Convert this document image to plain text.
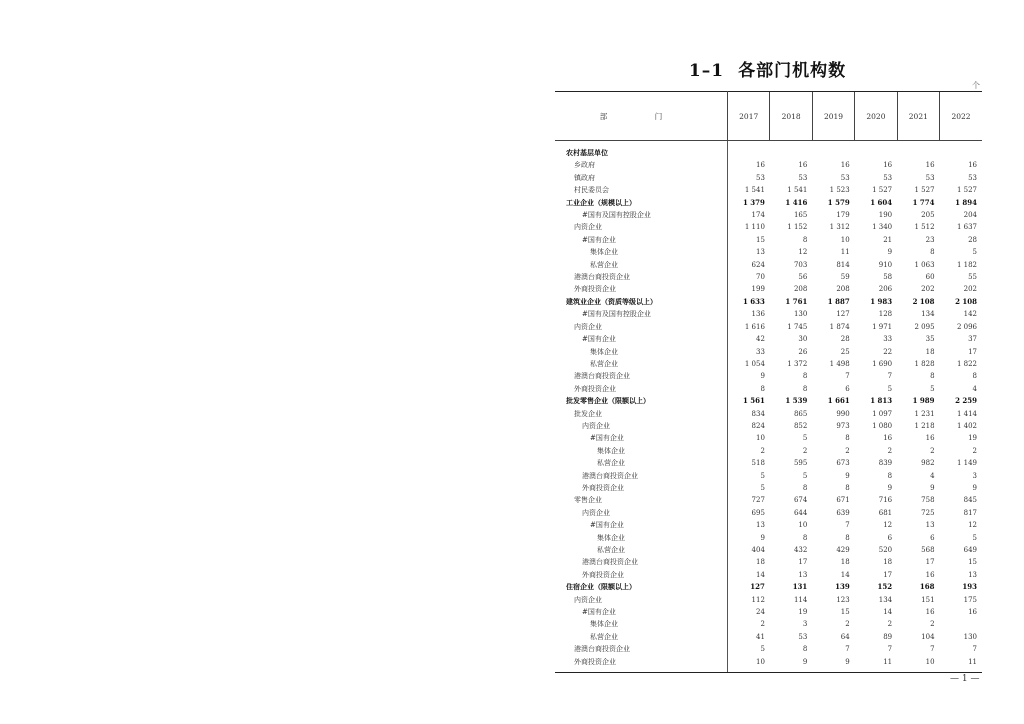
1–1 各部门机构数
个
部　门	2017	2018	2019	2020	2021	2022
农村基层单位						
乡政府	16	16	16	16	16	16
镇政府	53	53	53	53	53	53
村民委员会	1 541	1 541	1 523	1 527	1 527	1 527
工业企业（规模以上）	1 379	1 416	1 579	1 604	1 774	1 894
#国有及国有控股企业	174	165	179	190	205	204
内资企业	1 110	1 152	1 312	1 340	1 512	1 637
#国有企业	15	8	10	21	23	28
集体企业	13	12	11	9	8	5
私营企业	624	703	814	910	1 063	1 182
港澳台商投资企业	70	56	59	58	60	55
外商投资企业	199	208	208	206	202	202
建筑业企业（资质等级以上）	1 633	1 761	1 887	1 983	2 108	2 108
#国有及国有控股企业	136	130	127	128	134	142
内资企业	1 616	1 745	1 874	1 971	2 095	2 096
#国有企业	42	30	28	33	35	37
集体企业	33	26	25	22	18	17
私营企业	1 054	1 372	1 498	1 690	1 828	1 822
港澳台商投资企业	9	8	7	7	8	8
外商投资企业	8	8	6	5	5	4
批发零售企业（限额以上）	1 561	1 539	1 661	1 813	1 989	2 259
批发企业	834	865	990	1 097	1 231	1 414
内资企业	824	852	973	1 080	1 218	1 402
#国有企业	10	5	8	16	16	19
集体企业	2	2	2	2	2	2
私营企业	518	595	673	839	982	1 149
港澳台商投资企业	5	5	9	8	4	3
外商投资企业	5	8	8	9	9	9
零售企业	727	674	671	716	758	845
内资企业	695	644	639	681	725	817
#国有企业	13	10	7	12	13	12
集体企业	9	8	8	6	6	5
私营企业	404	432	429	520	568	649
港澳台商投资企业	18	17	18	18	17	15
外商投资企业	14	13	14	17	16	13
住宿企业（限额以上）	127	131	139	152	168	193
内资企业	112	114	123	134	151	175
#国有企业	24	19	15	14	16	16
集体企业	2	3	2	2	2	
私营企业	41	53	64	89	104	130
港澳台商投资企业	5	8	7	7	7	7
外商投资企业	10	9	9	11	10	11
— 1 —
